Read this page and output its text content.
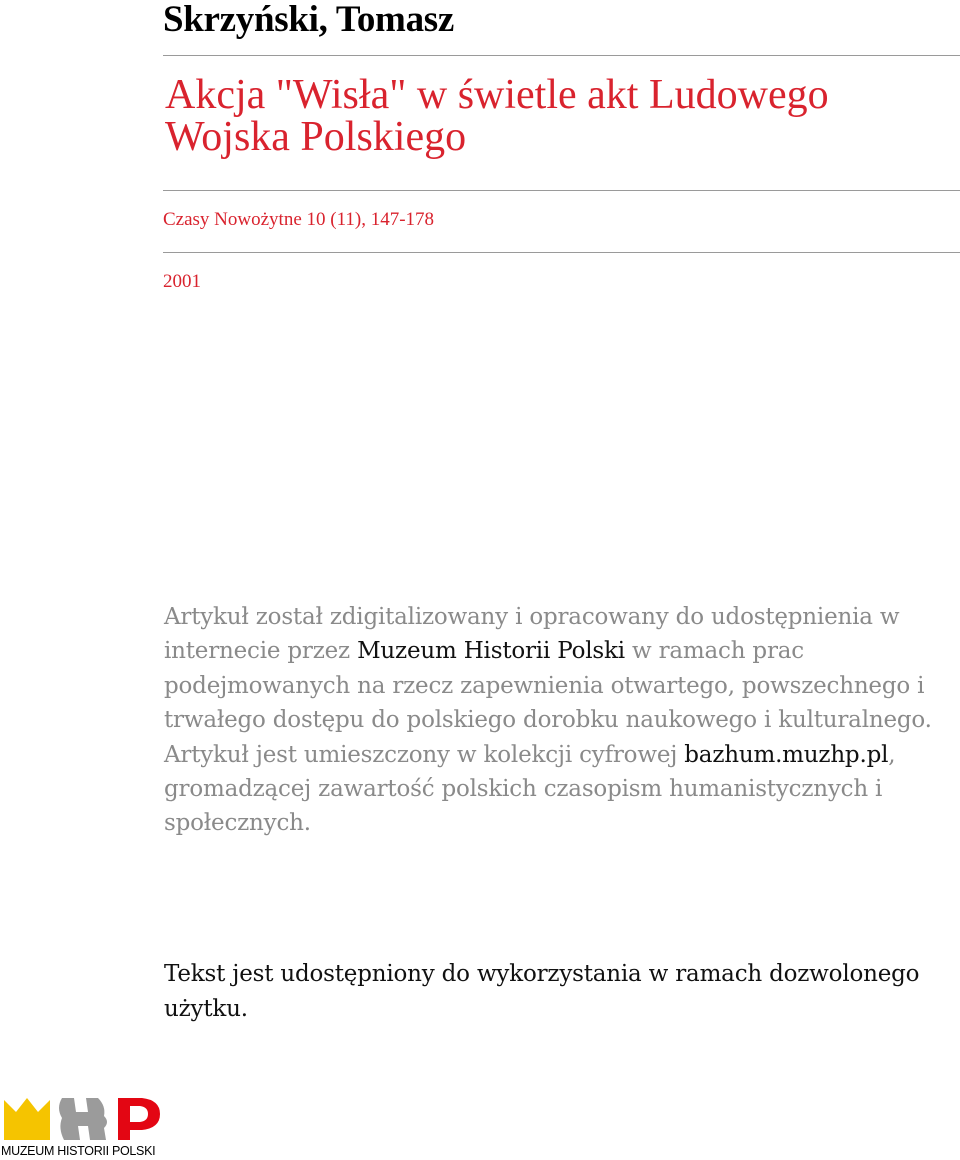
Skrzyński, Tomasz
Akcja "Wisła" w świetle akt Ludowego Wojska Polskiego
Czasy Nowożytne 10 (11), 147-178
2001
Artykuł został zdigitalizowany i opracowany do udostępnienia w internecie przez Muzeum Historii Polski w ramach prac podejmowanych na rzecz zapewnienia otwartego, powszechnego i trwałego dostępu do polskiego dorobku naukowego i kulturalnego. Artykuł jest umieszczony w kolekcji cyfrowej bazhum.muzhp.pl, gromadzącej zawartość polskich czasopism humanistycznych i społecznych.
Tekst jest udostępniony do wykorzystania w ramach dozwolonego użytku.
MUZEUM HISTORII POLSKI
